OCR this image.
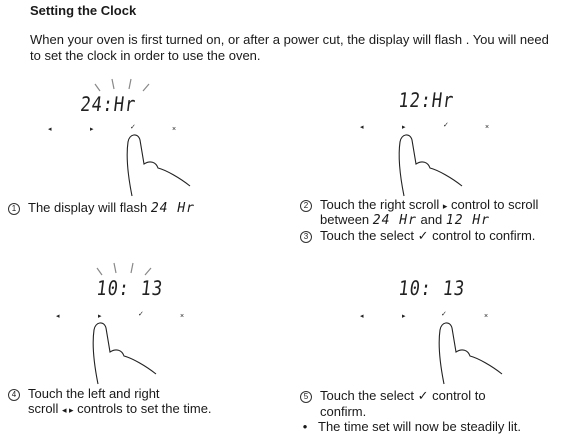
Setting the Clock
When your oven is first turned on, or after a power cut, the display will flash . You will need to set the clock in order to use the oven.
24:Hr
◂	▸	✓	×
12:Hr
◂	▸	✓	×
1 The display will flash 24 Hr	2 Touch the right scroll ▸ control to scroll
between 24 Hr and 12 Hr
3 Touch the select ✓ control to confirm.
10: 13
◂	▸	✓	×
10: 13
◂	▸	✓	×
4 Touch the left and right
scroll ◂ ▸ controls to set the time.
5 Touch the select ✓ control to
confirm.
• The time set will now be steadily lit.
